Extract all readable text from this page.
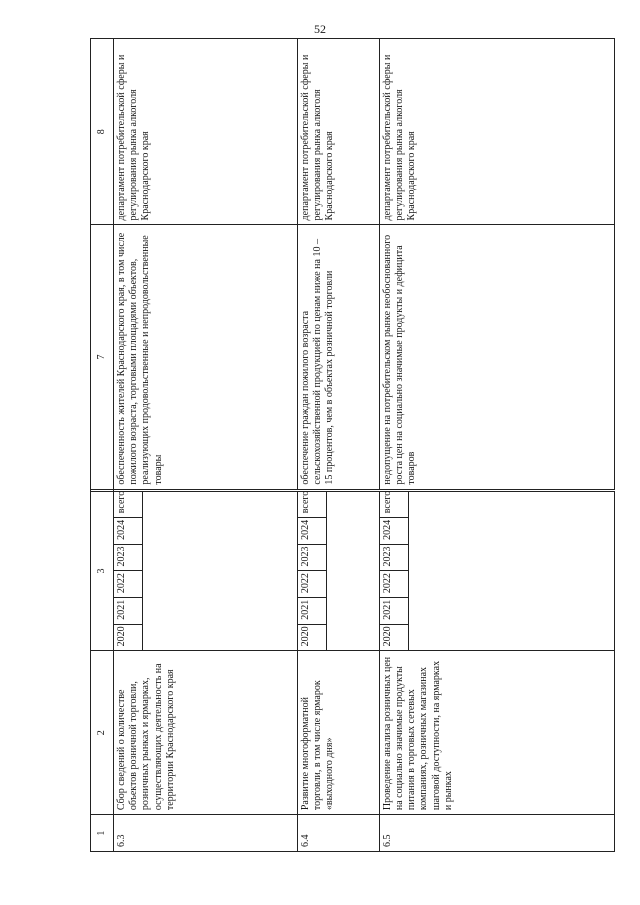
52
1	2	3							7	8
6.3	Сбор сведений о количестве объектов розничной торговли, розничных рынках и ярмарках, осуществляющих деятельность на территории Краснодарского края	2020	2021	2022	2023	2024	всего		обеспеченность жителей Краснодарского края, в том числе пожилого возраста, торговыми площадями объектов, реализующих продовольственные и непродовольственные товары	департамент потребительской сферы и регулирования рынка алкоголя Краснодарского края

6.4	Развитие многоформатной торговли, в том числе ярмарок «выходного дня»	2020	2021	2022	2023	2024	всего		обеспечение граждан пожилого возраста сельскохозяйственной продукцией по ценам ниже на 10 – 15 процентов, чем в объектах розничной торговли	департамент потребительской сферы и регулирования рынка алкоголя Краснодарского края

6.5	Проведение анализа розничных цен на социально значимые продукты питания в торговых сетевых компаниях, розничных магазинах шаговой доступности, на ярмарках и рынках	2020	2021	2022	2023	2024	всего		недопущение на потребительском рынке необоснованного роста цен на социально значимые продукты и дефицита товаров	департамент потребительской сферы и регулирования рынка алкоголя Краснодарского края
